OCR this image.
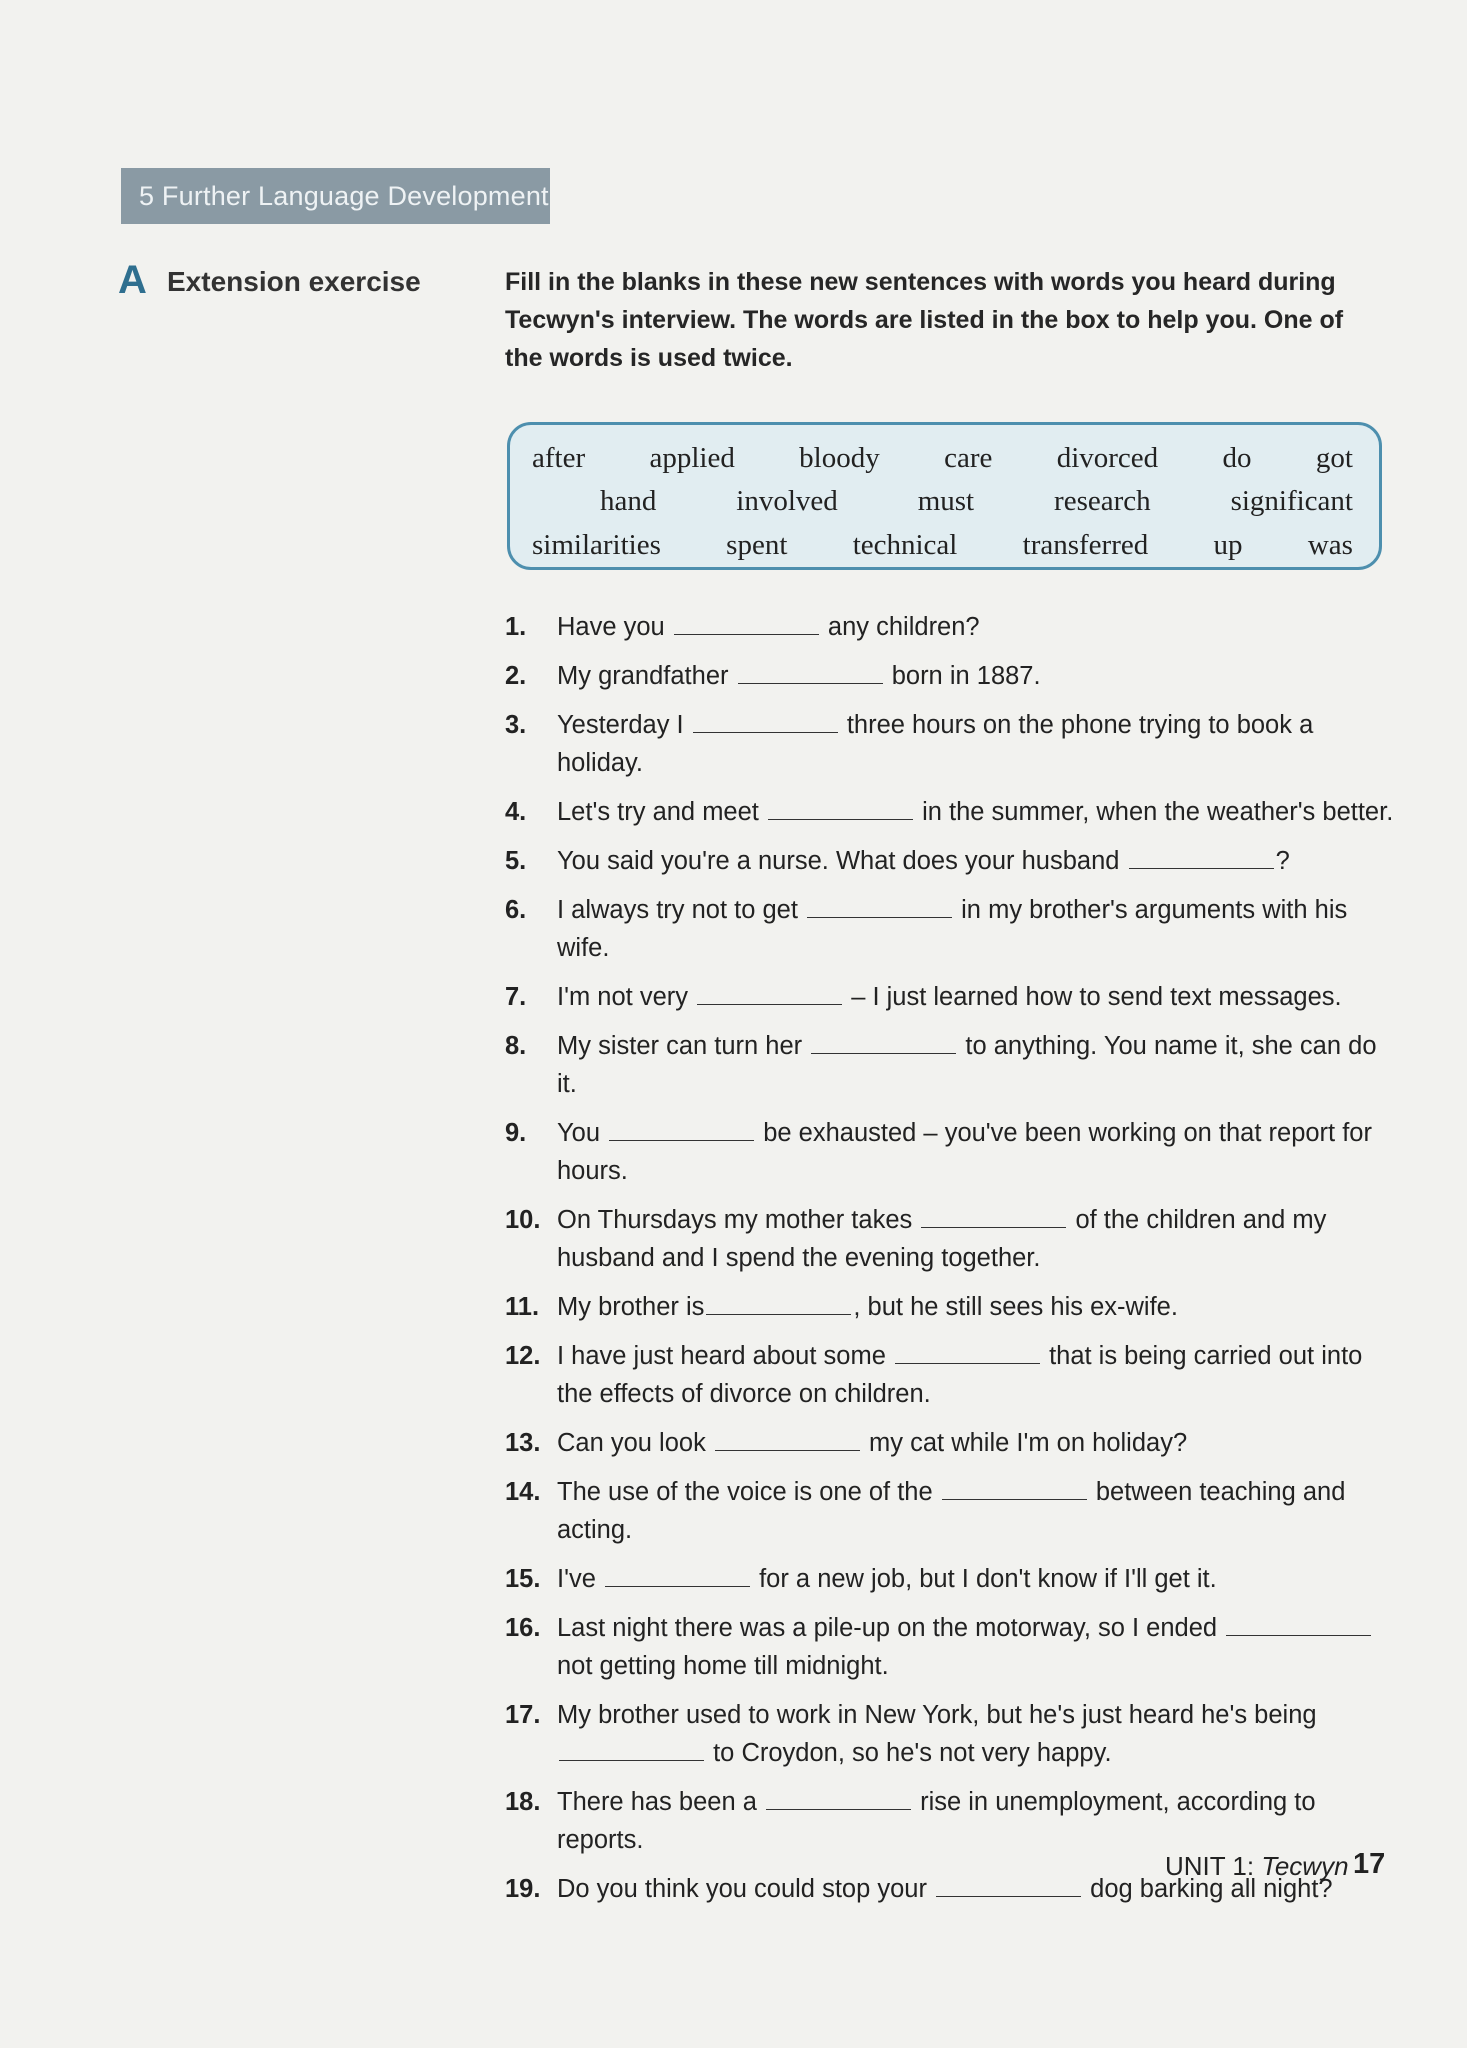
5 Further Language Development
A Extension exercise	Fill in the blanks in these new sentences with words you heard during Tecwyn's interview. The words are listed in the box to help you. One of the words is used twice.
after applied bloody care divorced do got
hand	involved	must	research	significant
similarities spent technical transferred up was
1. Have you	any children?
2. My grandfather	born in 1887.
3. Yesterday I	three hours on the phone trying to book a holiday.
4. Let's try and meet	in the summer, when the weather's better.
5. You said you're a nurse. What does your husband	?
6. I always try not to get	in my brother's arguments with his wife.
7. I'm not very	– I just learned how to send text messages.
8. My sister can turn her	to anything. You name it, she can do it.
9. You	be exhausted – you've been working on that report for hours.
10. On Thursdays my mother takes	of the children and my husband and I spend the evening together.
11. My brother is	, but he still sees his ex-wife.
12. I have just heard about some	that is being carried out into the effects of divorce on children.
13. Can you look	my cat while I'm on holiday?
14. The use of the voice is one of the	between teaching and acting.
15. I've	for a new job, but I don't know if I'll get it.
16. Last night there was a pile-up on the motorway, so I ended  not getting home till midnight.
17. My brother used to work in New York, but he's just heard he's being  to Croydon, so he's not very happy.
18. There has been a	rise in unemployment, according to reports.
19. Do you think you could stop your	dog barking all night?
UNIT 1: Tecwyn 17
